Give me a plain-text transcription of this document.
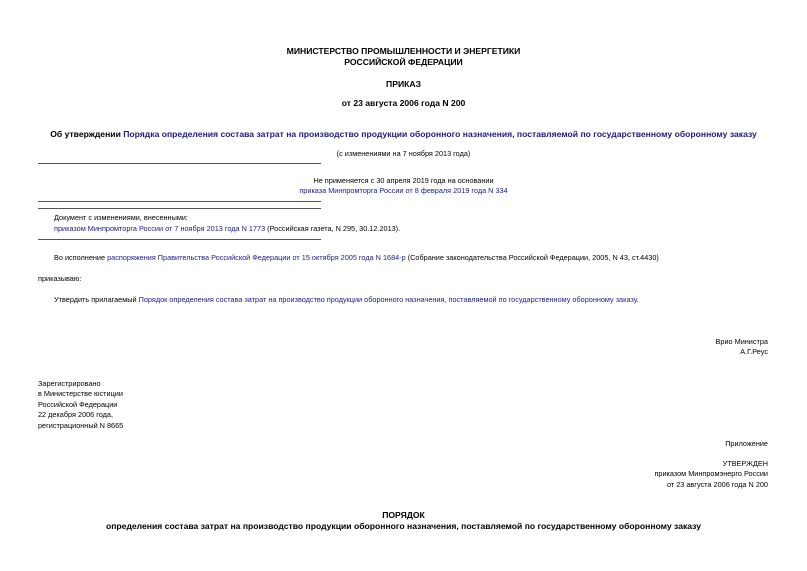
МИНИСТЕРСТВО ПРОМЫШЛЕННОСТИ И ЭНЕРГЕТИКИ
РОССИЙСКОЙ ФЕДЕРАЦИИ
ПРИКАЗ
от 23 августа 2006 года N 200
Об утверждении Порядка определения состава затрат на производство продукции оборонного назначения, поставляемой по государственному оборонному заказу
(с изменениями на 7 ноября 2013 года)
Не применяется с 30 апреля 2019 года на основании
приказа Минпромторга России от 8 февраля 2019 года N 334
Документ с изменениями, внесенными:
приказом Минпромторга России от 7 ноября 2013 года N 1773 (Российская газета, N 295, 30.12.2013).
Во исполнение распоряжения Правительства Российской Федерации от 15 октября 2005 года N 1684-р (Собрание законодательства Российской Федерации, 2005, N 43, ст.4430)
приказываю:
Утвердить прилагаемый Порядок определения состава затрат на производство продукции оборонного назначения, поставляемой по государственному оборонному заказу.
Врио Министра
А.Г.Реус
Зарегистрировано
в Министерстве юстиции
Российской Федерации
22 декабря 2006 года,
регистрационный N 8665
Приложение
УТВЕРЖДЕН
приказом Минпромэнерго России
от 23 августа 2006 года N 200
ПОРЯДОК
определения состава затрат на производство продукции оборонного назначения, поставляемой по государственному оборонному заказу
